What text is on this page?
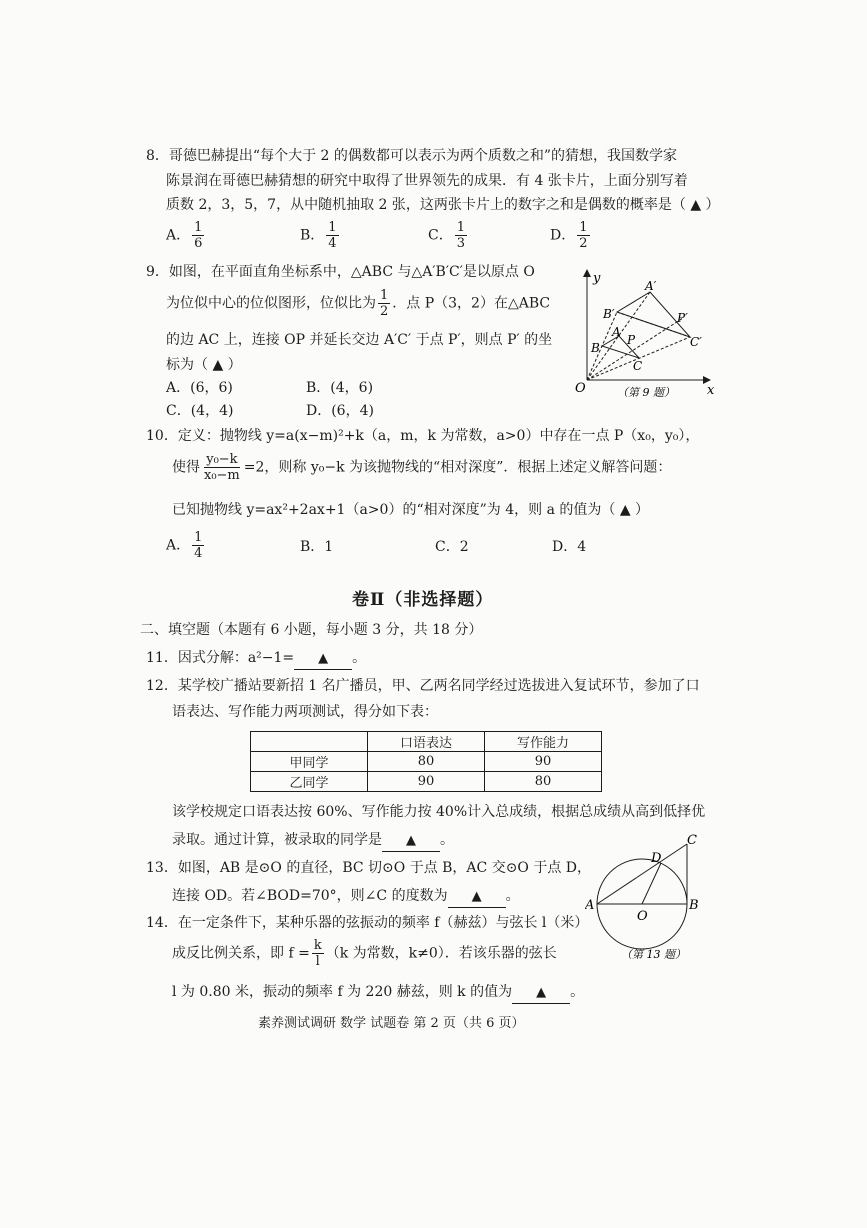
8．哥德巴赫提出“每个大于 2 的偶数都可以表示为两个质数之和”的猜想，我国数学家
陈景润在哥德巴赫猜想的研究中取得了世界领先的成果．有 4 张卡片，上面分别写着
质数 2，3，5，7，从中随机抽取 2 张，这两张卡片上的数字之和是偶数的概率是（ ▲ ）
A． $\frac{1}{6}$	B． $\frac{1}{4}$	C． $\frac{1}{3}$	D． $\frac{1}{2}$
9．如图，在平面直角坐标系中，△ABC 与△A′B′C′是以原点 O
为位似中心的位似图形，位似比为 $\frac{1}{2}$ ．点 P（3，2）在△ABC
的边 AC 上，连接 OP 并延长交边 A′C′ 于点 P′，则点 P′ 的坐
标为（ ▲ ）
A．(6，6)	B．(4，6)
C．(4，4)	D．(6，4)
y
x
O
A′
B′
C′
P′
A
B
C
P
（第 9 题）
10．定义：抛物线 y=a(x−m)²+k（a，m，k 为常数，a>0）中存在一点 P（x₀，y₀），
使得 $\frac{\text{y₀−k}}{\text{x₀−m}} =2$，则称 y₀−k 为该抛物线的“相对深度”．根据上述定义解答问题：
已知抛物线 y=ax²+2ax+1（a>0）的“相对深度”为 4，则 a 的值为（ ▲ ）
A． $\frac{1}{4}$	B．1	C．2	D．4
卷Ⅱ（非选择题）
二、填空题（本题有 6 小题，每小题 3 分，共 18 分）
11．因式分解：a²−1= ▲ 。
12．某学校广播站要新招 1 名广播员，甲、乙两名同学经过选拔进入复试环节，参加了口
语表达、写作能力两项测试，得分如下表：
	口语表达	写作能力
甲同学	80	90
乙同学	90	80
该学校规定口语表达按 60%、写作能力按 40%计入总成绩，根据总成绩从高到低择优
录取。通过计算，被录取的同学是 ▲ 。
13．如图，AB 是⊙O 的直径，BC 切⊙O 于点 B，AC 交⊙O 于点 D，
连接 OD。若∠BOD=70°，则∠C 的度数为 ▲ 。
A	B
C
D
O
（第 13 题）
14．在一定条件下，某种乐器的弦振动的频率 f（赫兹）与弦长 l（米）
成反比例关系，即 $f = \frac{k}{l} (k$ 为常数，k≠0）．若该乐器的弦长
l 为 0.80 米，振动的频率 f 为 220 赫兹，则 k 的值为 ▲ 。
素养测试调研 数学 试题卷 第 2 页（共 6 页）
